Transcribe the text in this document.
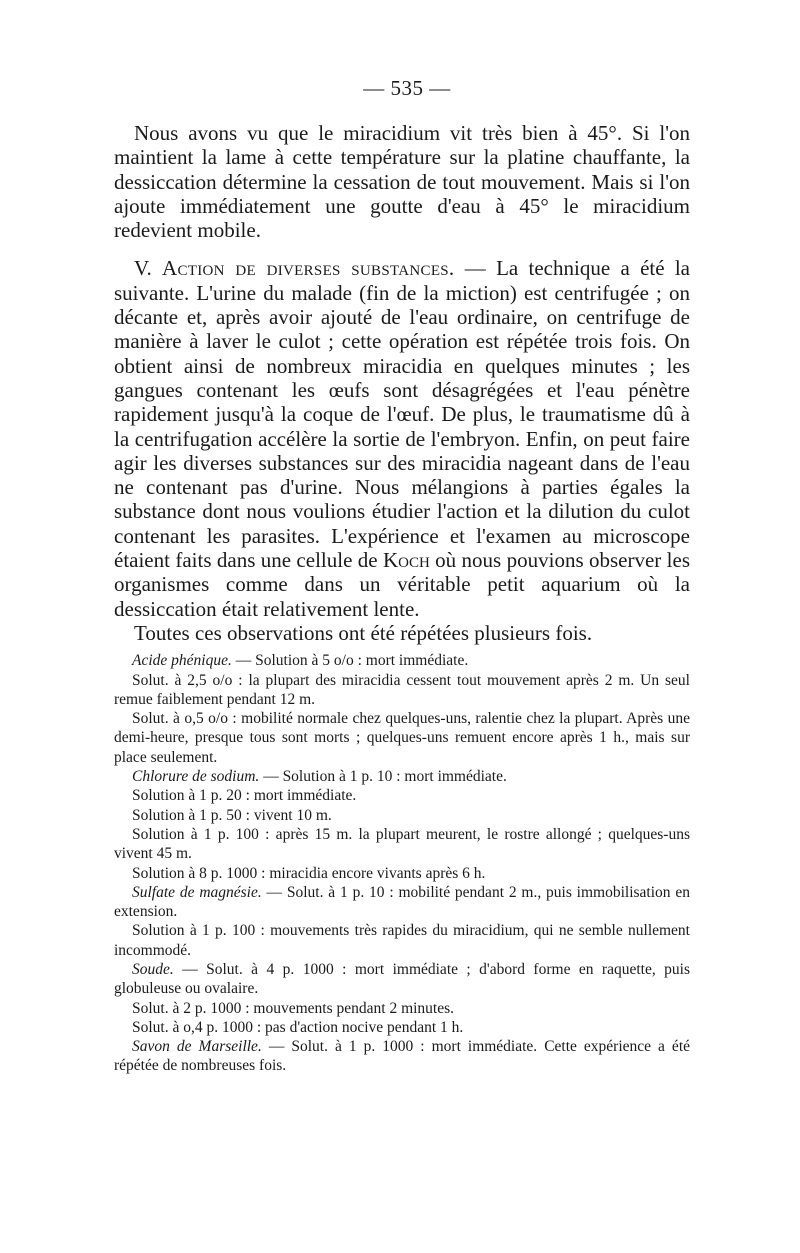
— 535 —

Nous avons vu que le miracidium vit très bien à 45°. Si l'on maintient la lame à cette température sur la platine chauffante, la dessiccation détermine la cessation de tout mouvement. Mais si l'on ajoute immédiatement une goutte d'eau à 45° le miracidium redevient mobile.

V. Action de diverses substances. — La technique a été la suivante. L'urine du malade (fin de la miction) est centrifugée ; on décante et, après avoir ajouté de l'eau ordinaire, on centrifuge de manière à laver le culot ; cette opération est répétée trois fois. On obtient ainsi de nombreux miracidia en quelques minutes ; les gangues contenant les œufs sont désagrégées et l'eau pénètre rapidement jusqu'à la coque de l'œuf. De plus, le traumatisme dû à la centrifugation accélère la sortie de l'embryon. Enfin, on peut faire agir les diverses substances sur des miracidia nageant dans de l'eau ne contenant pas d'urine. Nous mélangions à parties égales la substance dont nous voulions étudier l'action et la dilution du culot contenant les parasites. L'expérience et l'examen au microscope étaient faits dans une cellule de Koch où nous pouvions observer les organismes comme dans un véritable petit aquarium où la dessiccation était relativement lente.

Toutes ces observations ont été répétées plusieurs fois.

Acide phénique. — Solution à 5 o/o : mort immédiate.

Solut. à 2,5 o/o : la plupart des miracidia cessent tout mouvement après 2 m. Un seul remue faiblement pendant 12 m.

Solut. à o,5 o/o : mobilité normale chez quelques-uns, ralentie chez la plupart. Après une demi-heure, presque tous sont morts ; quelques-uns remuent encore après 1 h., mais sur place seulement.

Chlorure de sodium. — Solution à 1 p. 10 : mort immédiate.

Solution à 1 p. 20 : mort immédiate.

Solution à 1 p. 50 : vivent 10 m.

Solution à 1 p. 100 : après 15 m. la plupart meurent, le rostre allongé ; quelques-uns vivent 45 m.

Solution à 8 p. 1000 : miracidia encore vivants après 6 h.

Sulfate de magnésie. — Solut. à 1 p. 10 : mobilité pendant 2 m., puis immobilisation en extension.

Solution à 1 p. 100 : mouvements très rapides du miracidium, qui ne semble nullement incommodé.

Soude. — Solut. à 4 p. 1000 : mort immédiate ; d'abord forme en raquette, puis globuleuse ou ovalaire.

Solut. à 2 p. 1000 : mouvements pendant 2 minutes.

Solut. à o,4 p. 1000 : pas d'action nocive pendant 1 h.

Savon de Marseille. — Solut. à 1 p. 1000 : mort immédiate. Cette expérience a été répétée de nombreuses fois.
